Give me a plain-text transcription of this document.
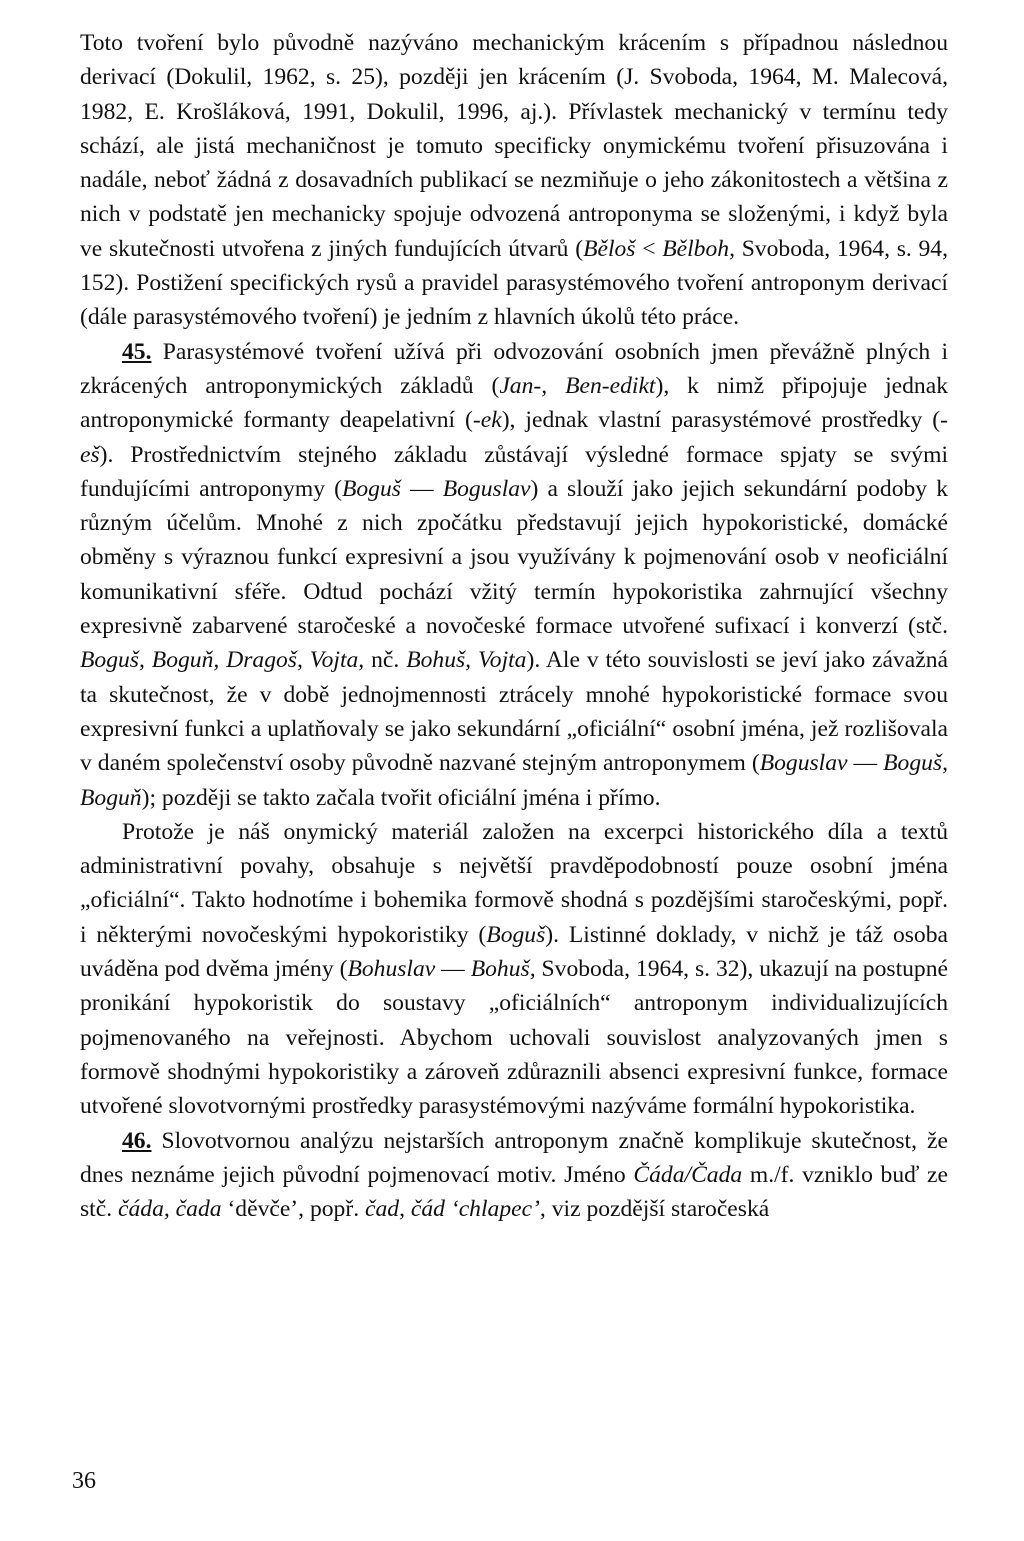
Toto tvoření bylo původně nazýváno mechanickým krácením s případnou následnou derivací (Dokulil, 1962, s. 25), později jen krácením (J. Svoboda, 1964, M. Malecová, 1982, E. Krošláková, 1991, Dokulil, 1996, aj.). Přívlastek mechanický v termínu tedy schází, ale jistá mechaničnost je tomuto specificky onymickému tvoření přisuzována i nadále, neboť žádná z dosavadních publikací se nezmiňuje o jeho zákonitostech a většina z nich v podstatě jen mechanicky spojuje odvozená antroponyma se složenými, i když byla ve skutečnosti utvořena z jiných fundujících útvarů (Běloš < Bělboh, Svoboda, 1964, s. 94, 152). Postižení specifických rysů a pravidel parasystémového tvoření antroponym derivací (dále parasystémového tvoření) je jedním z hlavních úkolů této práce.

45. Parasystémové tvoření užívá při odvozování osobních jmen převážně plných i zkrácených antroponymických základů (Jan-, Ben-edikt), k nimž připojuje jednak antroponymické formanty deapelativní (-ek), jednak vlastní parasystémové prostředky (-eš). Prostřednictvím stejného základu zůstávají výsledné formace spjaty se svými fundujícími antroponymy (Boguš — Boguslav) a slouží jako jejich sekundární podoby k různým účelům. Mnohé z nich zpočátku představují jejich hypokoristické, domácké obměny s výraznou funkcí expresivní a jsou využívány k pojmenování osob v neoficiální komunikativní sféře. Odtud pochází vžitý termín hypokoristika zahrnující všechny expresivně zabarvené staročeské a novočeské formace utvořené sufixací i konverzí (stč. Boguš, Boguň, Dragoš, Vojta, nč. Bohuš, Vojta). Ale v této souvislosti se jeví jako závažná ta skutečnost, že v době jednojmennosti ztrácely mnohé hypokoristické formace svou expresivní funkci a uplatňovaly se jako sekundární „oficiální“ osobní jména, jež rozlišovala v daném společenství osoby původně nazvané stejným antroponymem (Boguslav — Boguš, Boguň); později se takto začala tvořit oficiální jména i přímo.

Protože je náš onymický materiál založen na excerpci historického díla a textů administrativní povahy, obsahuje s největší pravděpodobností pouze osobní jména „oficiální“. Takto hodnotíme i bohemika formově shodná s pozdějšími staročeskými, popř. i některými novočeskými hypokoristiky (Boguš). Listinné doklady, v nichž je táž osoba uváděna pod dvěma jmény (Bohuslav — Bohuš, Svoboda, 1964, s. 32), ukazují na postupné pronikání hypokoristik do soustavy „oficiálních“ antroponym individualizujících pojmenovaného na veřejnosti. Abychom uchovali souvislost analyzovaných jmen s formově shodnými hypokoristiky a zároveň zdůraznili absenci expresivní funkce, formace utvořené slovotvornými prostředky parasystémovými nazýváme formální hypokoristika.

46. Slovotvornou analýzu nejstarších antroponym značně komplikuje skutečnost, že dnes neznáme jejich původní pojmenovací motiv. Jméno Čáda/Čada m./f. vzniklo buď ze stč. čáda, čada ‘děvče’, popř. čad, čád ‘chlapec’, viz pozdější staročeská

36
